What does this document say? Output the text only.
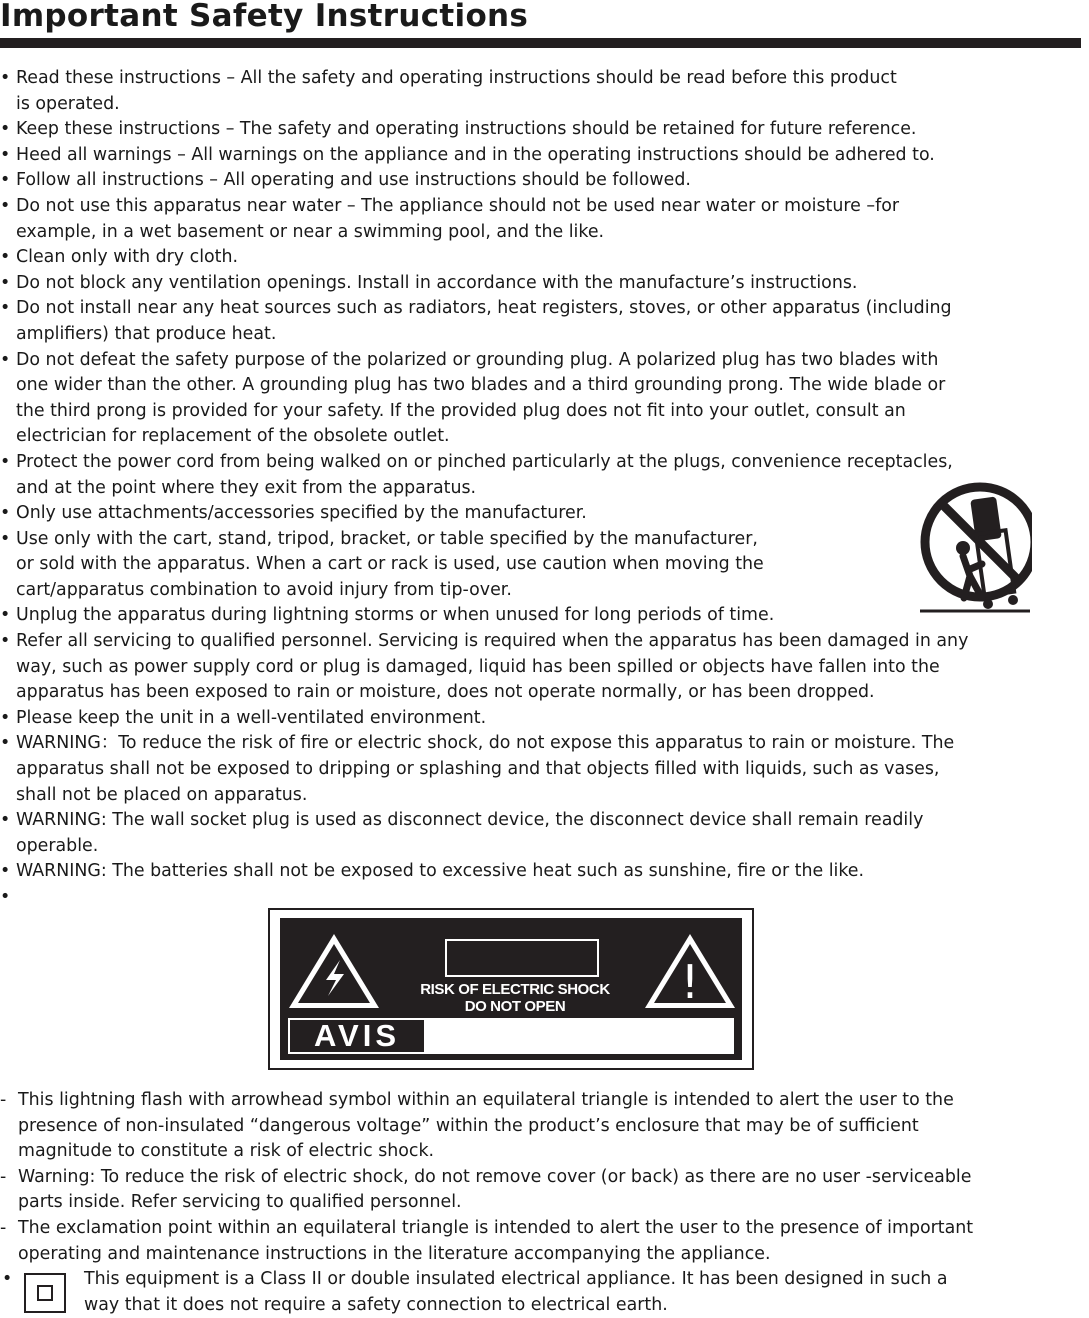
Important Safety Instructions
• Read these instructions – All the safety and operating instructions should be read before this product
is operated.
• Keep these instructions – The safety and operating instructions should be retained for future reference.
• Heed all warnings – All warnings on the appliance and in the operating instructions should be adhered to.
• Follow all instructions – All operating and use instructions should be followed.
• Do not use this apparatus near water – The appliance should not be used near water or moisture –for
example, in a wet basement or near a swimming pool, and the like.
• Clean only with dry cloth.
• Do not block any ventilation openings. Install in accordance with the manufacture’s instructions.
• Do not install near any heat sources such as radiators, heat registers, stoves, or other apparatus (including
amplifiers) that produce heat.
• Do not defeat the safety purpose of the polarized or grounding plug. A polarized plug has two blades with
one wider than the other. A grounding plug has two blades and a third grounding prong. The wide blade or
the third prong is provided for your safety. If the provided plug does not fit into your outlet, consult an
electrician for replacement of the obsolete outlet.
• Protect the power cord from being walked on or pinched particularly at the plugs, convenience receptacles,
and at the point where they exit from the apparatus.
• Only use attachments/accessories specified by the manufacturer.
• Use only with the cart, stand, tripod, bracket, or table specified by the manufacturer,
or sold with the apparatus. When a cart or rack is used, use caution when moving the
cart/apparatus combination to avoid injury from tip-over.
• Unplug the apparatus during lightning storms or when unused for long periods of time.
• Refer all servicing to qualified personnel. Servicing is required when the apparatus has been damaged in any
way, such as power supply cord or plug is damaged, liquid has been spilled or objects have fallen into the
apparatus has been exposed to rain or moisture, does not operate normally, or has been dropped.
• Please keep the unit in a well-ventilated environment.
• WARNING：To reduce the risk of fire or electric shock, do not expose this apparatus to rain or moisture. The
apparatus shall not be exposed to dripping or splashing and that objects filled with liquids, such as vases,
shall not be placed on apparatus.
• WARNING: The wall socket plug is used as disconnect device, the disconnect device shall remain readily
operable.
• WARNING: The batteries shall not be exposed to excessive heat such as sunshine, fire or the like.
RISK OF ELECTRIC SHOCK
DO NOT OPEN	!
AVIS
- This lightning flash with arrowhead symbol within an equilateral triangle is intended to alert the user to the
presence of non-insulated “dangerous voltage” within the product’s enclosure that may be of sufficient
magnitude to constitute a risk of electric shock.
- Warning: To reduce the risk of electric shock, do not remove cover (or back) as there are no user -serviceable
parts inside. Refer servicing to qualified personnel.
- The exclamation point within an equilateral triangle is intended to alert the user to the presence of important
operating and maintenance instructions in the literature accompanying the appliance.
•	This equipment is a Class II or double insulated electrical appliance. It has been designed in such a
way that it does not require a safety connection to electrical earth.
